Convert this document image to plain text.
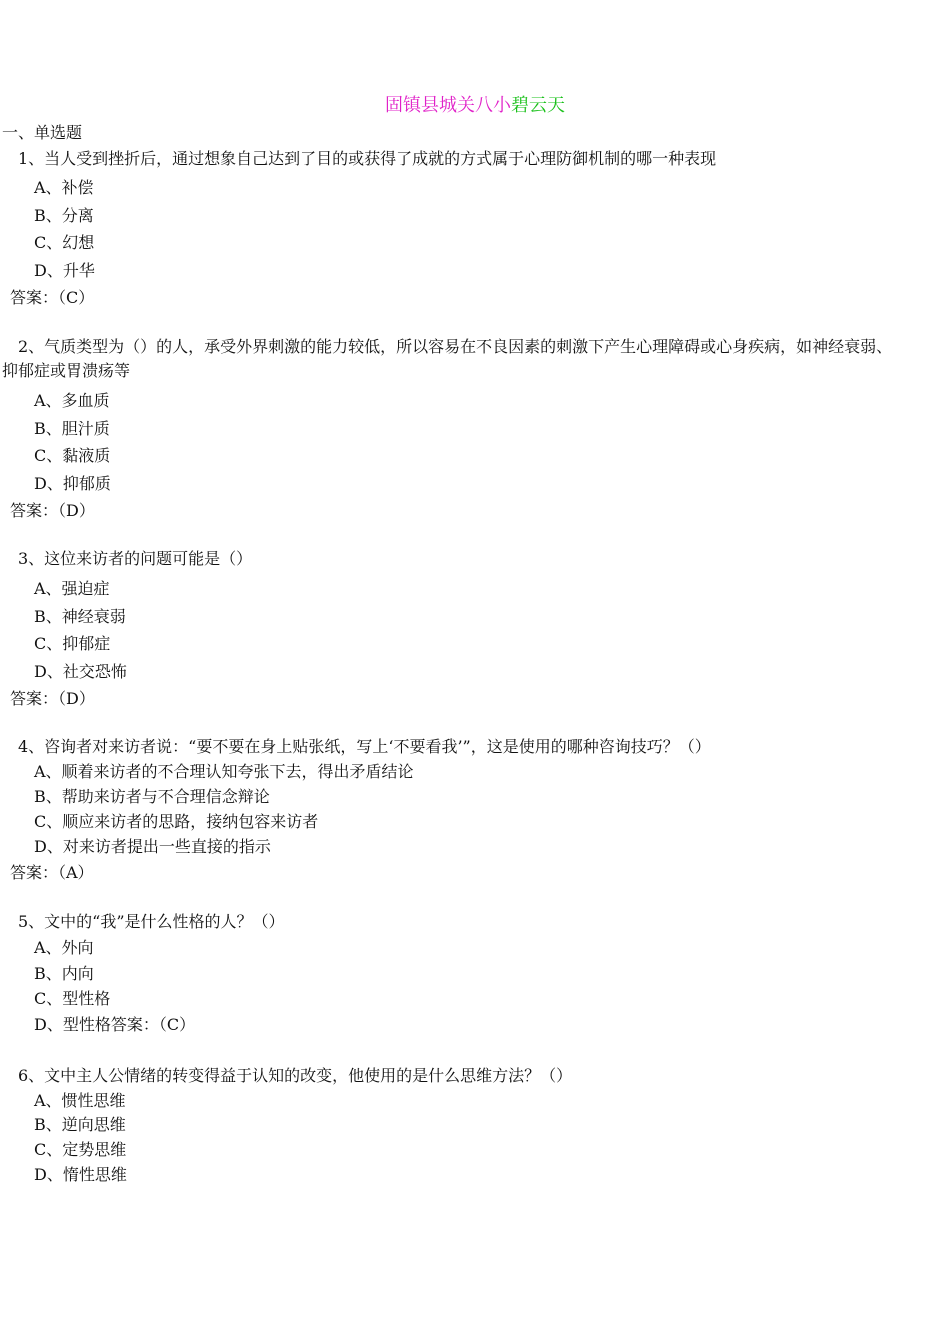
固镇县城关八小碧云天
一、单选题
1、当人受到挫折后，通过想象自己达到了目的或获得了成就的方式属于心理防御机制的哪一种表现
A、补偿
B、分离
C、幻想
D、升华
答案：（C）
2、气质类型为（）的人，承受外界刺激的能力较低，所以容易在不良因素的刺激下产生心理障碍或心身疾病，如神经衰弱、
抑郁症或胃溃疡等
A、多血质
B、胆汁质
C、黏液质
D、抑郁质
答案：（D）
3、这位来访者的问题可能是（）
A、强迫症
B、神经衰弱
C、抑郁症
D、社交恐怖
答案：（D）
4、咨询者对来访者说：“要不要在身上贴张纸，写上‘不要看我’”，这是使用的哪种咨询技巧？（）
A、顺着来访者的不合理认知夸张下去，得出矛盾结论
B、帮助来访者与不合理信念辩论
C、顺应来访者的思路，接纳包容来访者
D、对来访者提出一些直接的指示
答案：（A）
5、文中的“我”是什么性格的人？（）
A、外向
B、内向
C、型性格
D、型性格答案：（C）
6、文中主人公情绪的转变得益于认知的改变，他使用的是什么思维方法？（）
A、惯性思维
B、逆向思维
C、定势思维
D、惰性思维
